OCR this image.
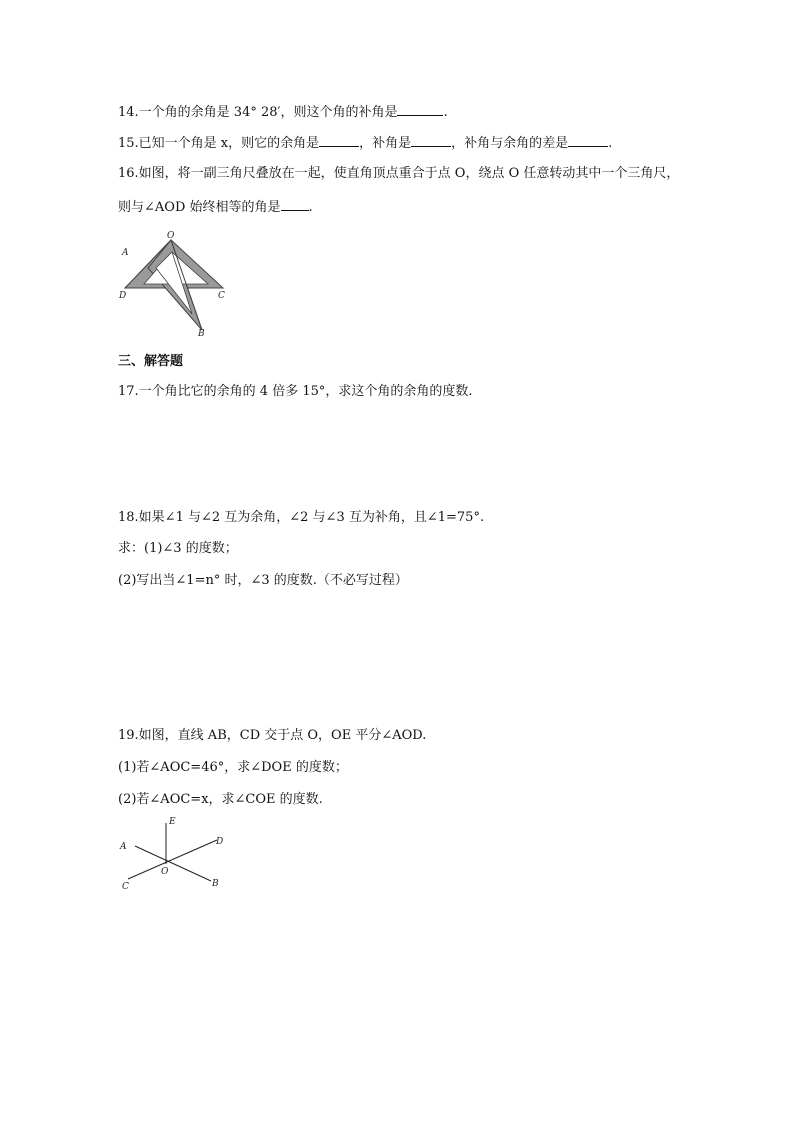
14.一个角的余角是 34° 28′，则这个角的补角是	.
15.已知一个角是 x，则它的余角是	，补角是	，补角与余角的差是	.
16.如图，将一副三角尺叠放在一起，使直角顶点重合于点 O，绕点 O 任意转动其中一个三角尺，
则与∠AOD 始终相等的角是 .
O
A
D	C
B
三、解答题
17.一个角比它的余角的 4 倍多 15°，求这个角的余角的度数.
18.如果∠1 与∠2 互为余角，∠2 与∠3 互为补角，且∠1=75°.
求：(1)∠3 的度数；
(2)写出当∠1=n° 时，∠3 的度数.（不必写过程）
19.如图，直线 AB，CD 交于点 O，OE 平分∠AOD.
(1)若∠AOC=46°，求∠DOE 的度数；
(2)若∠AOC=x，求∠COE 的度数.
E
A	D
O
C	B
